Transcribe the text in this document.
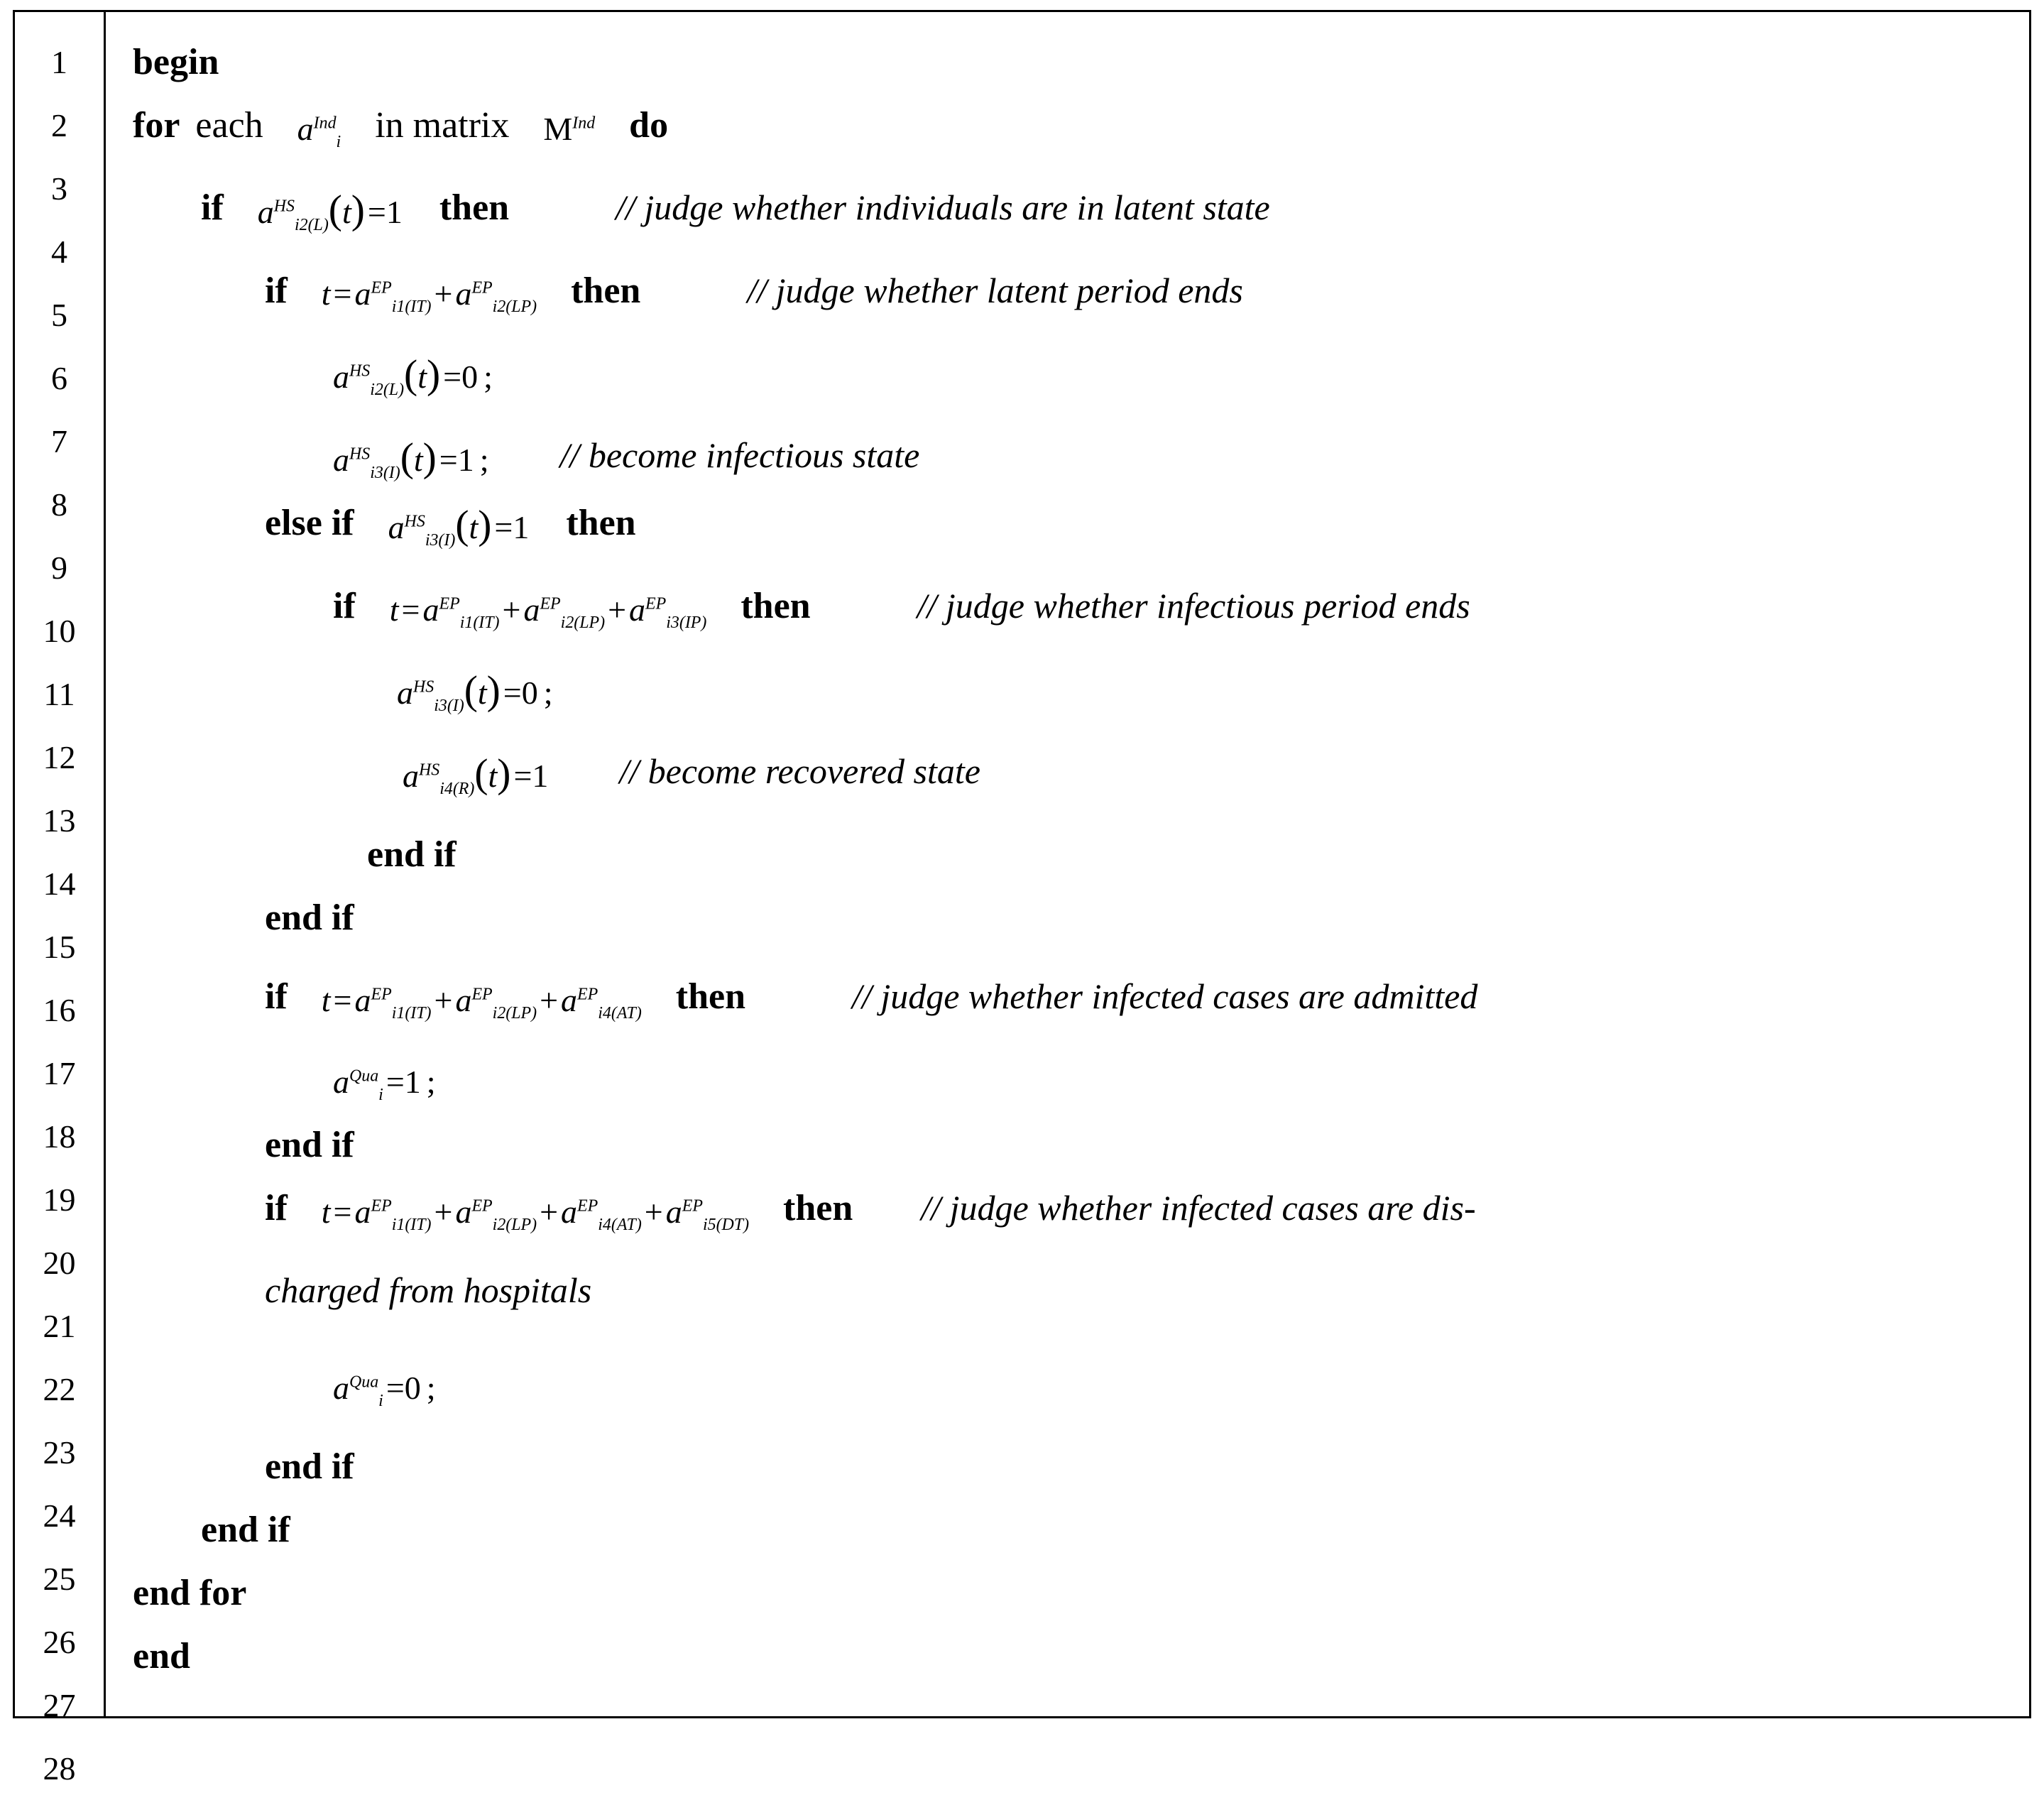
1
2
3
4
5
6
7
8
9
10
11
12
13
14
15
16
17
18
19
20
21
22
23
24
25
26
27
28
begin
for each $a^{Ind}_i$ in matrix $M^{Ind}$ do
if $a^{HS}_{i2(L)}(t)=1$ then	// judge whether individuals are in latent state
if $t=a^{EP}_{i1(IT)}+a^{EP}_{i2(LP)}$ then	// judge whether latent period ends
$a^{HS}_{i2(L)}(t)=0$ ;
$a^{HS}_{i3(I)}(t)=1$ ; // become infectious state
else if $a^{HS}_{i3(I)}(t)=1$ then
if $t=a^{EP}_{i1(IT)}+a^{EP}_{i2(LP)}+a^{EP}_{i3(IP)}$ then	// judge whether infectious period ends
$a^{HS}_{i3(I)}(t)=0$ ;
$a^{HS}_{i4(R)}(t)=1$ // become recovered state
end if
end if
if $t=a^{EP}_{i1(IT)}+a^{EP}_{i2(LP)}+a^{EP}_{i4(AT)}$ then	// judge whether infected cases are admitted
$a^{Qua}_i=1$ ;
end if
if $t=a^{EP}_{i1(IT)}+a^{EP}_{i2(LP)}+a^{EP}_{i4(AT)}+a^{EP}_{i5(DT)}$ then // judge whether infected cases are dis-
charged from hospitals
$a^{Qua}_i=0$ ;
end if
end if
end for
end
